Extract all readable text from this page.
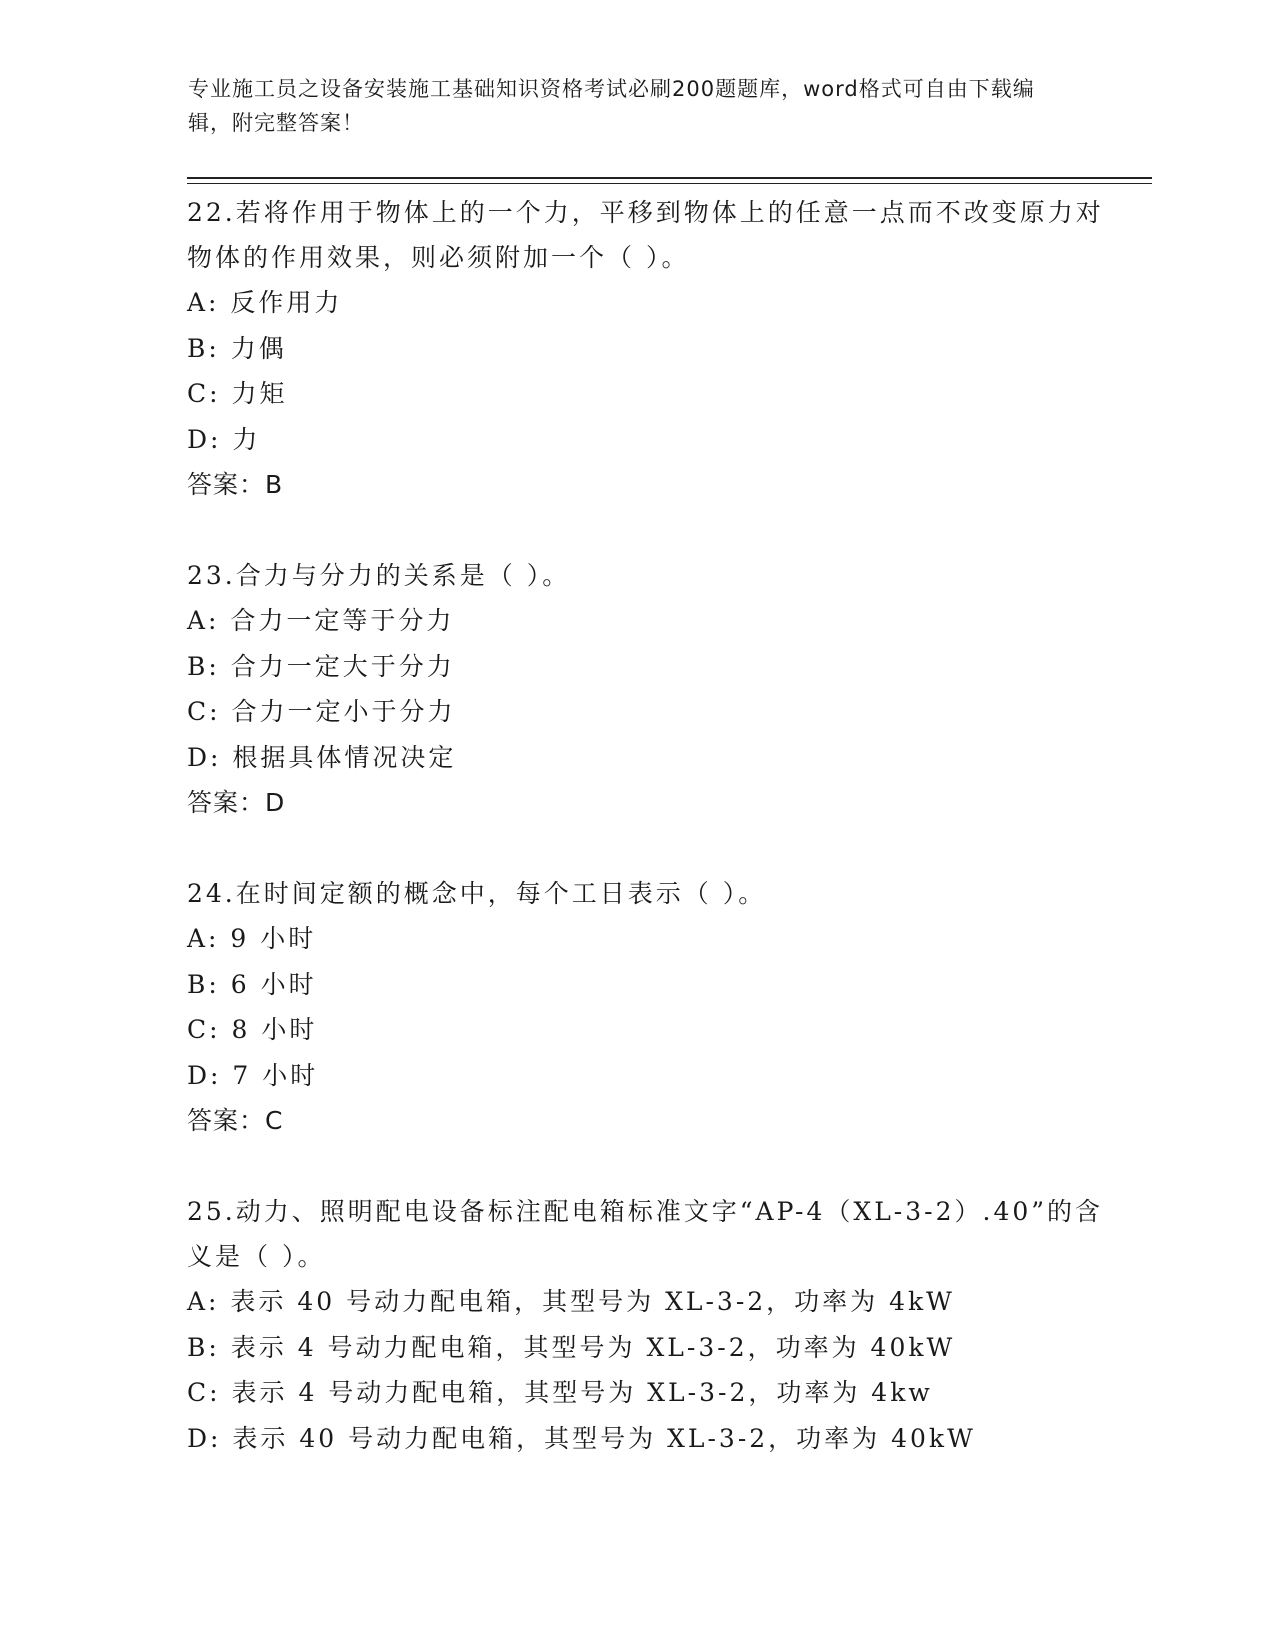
专业施工员之设备安装施工基础知识资格考试必刷200题题库，word格式可自由下载编辑，附完整答案！

22.若将作用于物体上的一个力，平移到物体上的任意一点而不改变原力对物体的作用效果，则必须附加一个（ ）。

A: 反作用力

B: 力偶

C: 力矩

D: 力

答案：B

23.合力与分力的关系是（ ）。

A: 合力一定等于分力

B: 合力一定大于分力

C: 合力一定小于分力

D: 根据具体情况决定

答案：D

24.在时间定额的概念中，每个工日表示（ ）。

A: 9 小时

B: 6 小时

C: 8 小时

D: 7 小时

答案：C

25.动力、照明配电设备标注配电箱标准文字“AP-4（XL-3-2）.40”的含义是（ ）。

A: 表示 40 号动力配电箱，其型号为 XL-3-2，功率为 4kW

B: 表示 4 号动力配电箱，其型号为 XL-3-2，功率为 40kW

C: 表示 4 号动力配电箱，其型号为 XL-3-2，功率为 4kw

D: 表示 40 号动力配电箱，其型号为 XL-3-2，功率为 40kW
